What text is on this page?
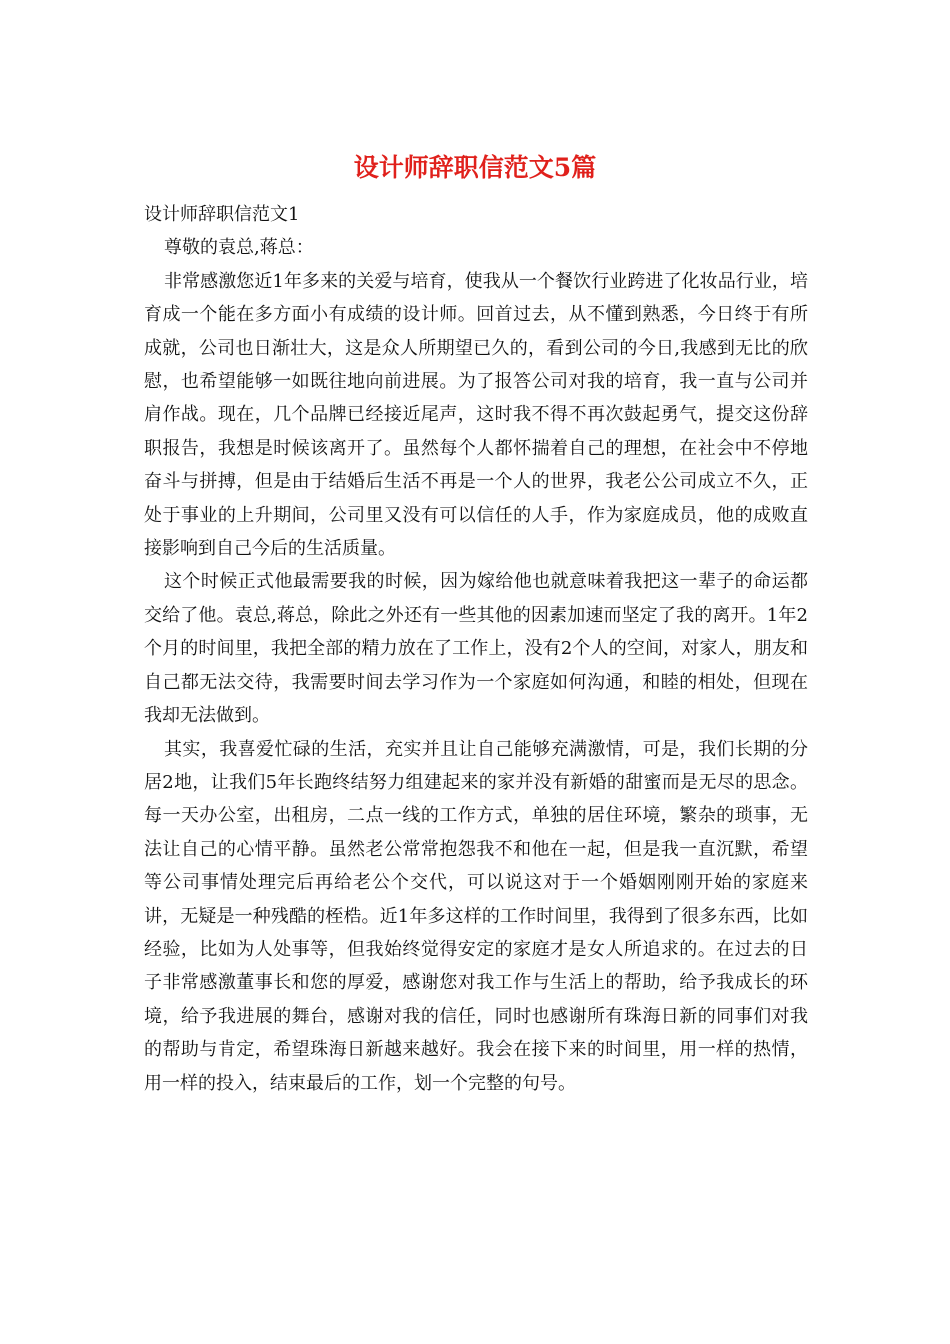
设计师辞职信范文5篇

设计师辞职信范文1

尊敬的袁总,蒋总：

非常感激您近1年多来的关爱与培育，使我从一个餐饮行业跨进了化妆品行业，培育成一个能在多方面小有成绩的设计师。回首过去，从不懂到熟悉，今日终于有所成就，公司也日渐壮大，这是众人所期望已久的，看到公司的今日,我感到无比的欣慰，也希望能够一如既往地向前进展。为了报答公司对我的培育，我一直与公司并肩作战。现在，几个品牌已经接近尾声，这时我不得不再次鼓起勇气，提交这份辞职报告，我想是时候该离开了。虽然每个人都怀揣着自己的理想，在社会中不停地奋斗与拼搏，但是由于结婚后生活不再是一个人的世界，我老公公司成立不久，正处于事业的上升期间，公司里又没有可以信任的人手，作为家庭成员，他的成败直接影响到自己今后的生活质量。

这个时候正式他最需要我的时候，因为嫁给他也就意味着我把这一辈子的命运都交给了他。袁总,蒋总，除此之外还有一些其他的因素加速而坚定了我的离开。1年2个月的时间里，我把全部的精力放在了工作上，没有2个人的空间，对家人，朋友和自己都无法交待，我需要时间去学习作为一个家庭如何沟通，和睦的相处，但现在我却无法做到。

其实，我喜爱忙碌的生活，充实并且让自己能够充满激情，可是，我们长期的分居2地，让我们5年长跑终结努力组建起来的家并没有新婚的甜蜜而是无尽的思念。每一天办公室，出租房，二点一线的工作方式，单独的居住环境，繁杂的琐事，无法让自己的心情平静。虽然老公常常抱怨我不和他在一起，但是我一直沉默，希望等公司事情处理完后再给老公个交代，可以说这对于一个婚姻刚刚开始的家庭来讲，无疑是一种残酷的桎梏。近1年多这样的工作时间里，我得到了很多东西，比如经验，比如为人处事等，但我始终觉得安定的家庭才是女人所追求的。在过去的日子非常感激董事长和您的厚爱，感谢您对我工作与生活上的帮助，给予我成长的环境，给予我进展的舞台，感谢对我的信任，同时也感谢所有珠海日新的同事们对我的帮助与肯定，希望珠海日新越来越好。我会在接下来的时间里，用一样的热情，用一样的投入，结束最后的工作，划一个完整的句号。
